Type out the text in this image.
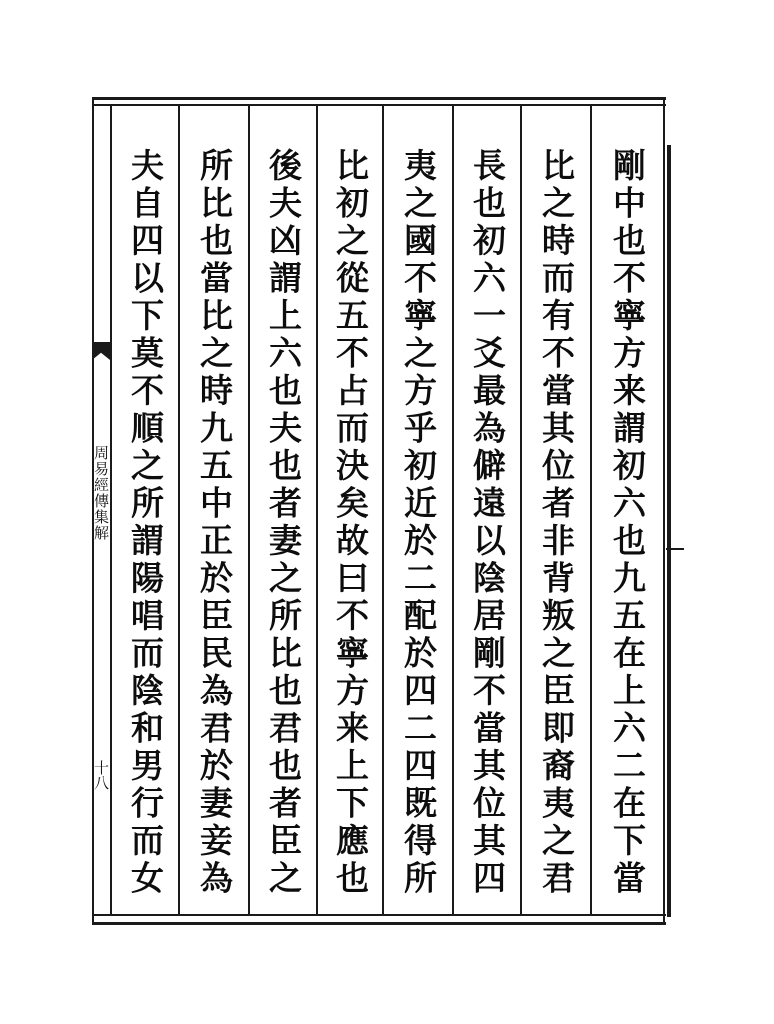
剛中也不寧方来謂初六也九五在上六二在下當
比之時而有不當其位者非背叛之臣即裔夷之君
長也初六一爻最為僻遠以陰居剛不當其位其四
夷之國不寧之方乎初近於二配於四二四既得所
比初之從五不占而決矣故曰不寧方来上下應也
後夫凶謂上六也夫也者妻之所比也君也者臣之
所比也當比之時九五中正於臣民為君於妻妾為
夫自四以下莫不順之所謂陽唱而陰和男行而女
周易經傳集解
十八
